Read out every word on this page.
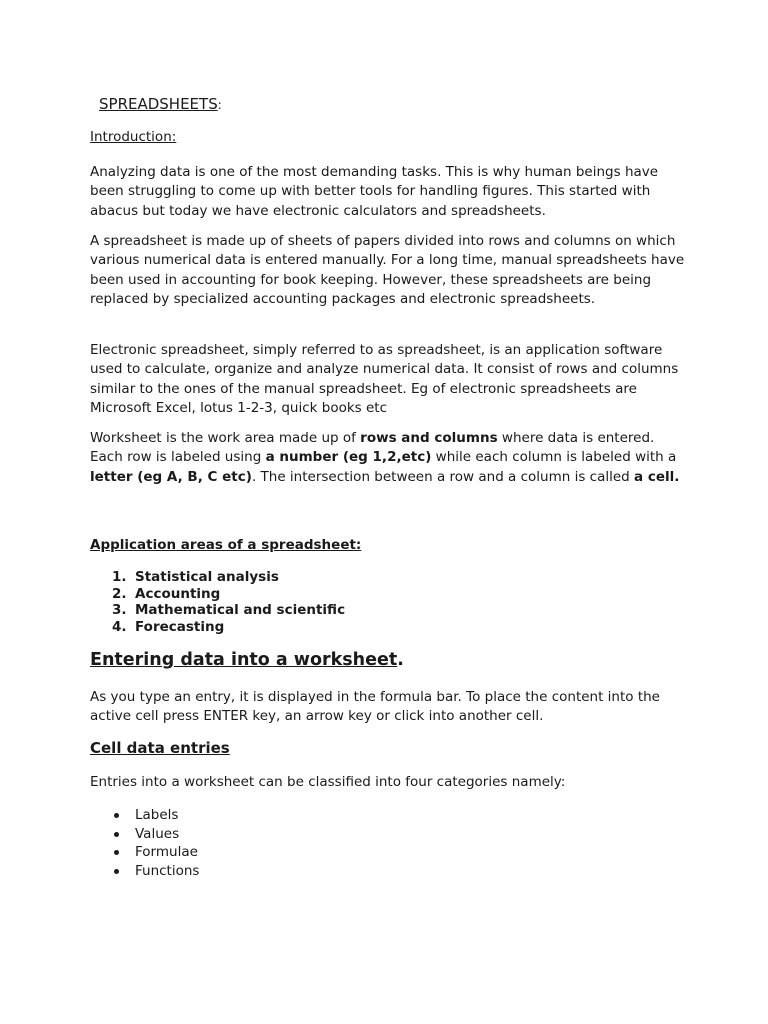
SPREADSHEETS:
Introduction:

Analyzing data is one of the most demanding tasks. This is why human beings have been struggling to come up with better tools for handling figures. This started with abacus but today we have electronic calculators and spreadsheets.

A spreadsheet is made up of sheets of papers divided into rows and columns on which various numerical data is entered manually. For a long time, manual spreadsheets have been used in accounting for book keeping. However, these spreadsheets are being replaced by specialized accounting packages and electronic spreadsheets.

Electronic spreadsheet, simply referred to as spreadsheet, is an application software used to calculate, organize and analyze numerical data. It consist of rows and columns similar to the ones of the manual spreadsheet. Eg of electronic spreadsheets are Microsoft Excel, lotus 1-2-3, quick books etc

Worksheet is the work area made up of rows and columns where data is entered. Each row is labeled using a number (eg 1,2,etc) while each column is labeled with a letter (eg A, B, C etc). The intersection between a row and a column is called a cell.

Application areas of a spreadsheet:
1. Statistical analysis
2. Accounting
3. Mathematical and scientific
4. Forecasting
Entering data into a worksheet.

As you type an entry, it is displayed in the formula bar. To place the content into the active cell press ENTER key, an arrow key or click into another cell.

Cell data entries

Entries into a worksheet can be classified into four categories namely:

Labels
Values
Formulae
Functions
